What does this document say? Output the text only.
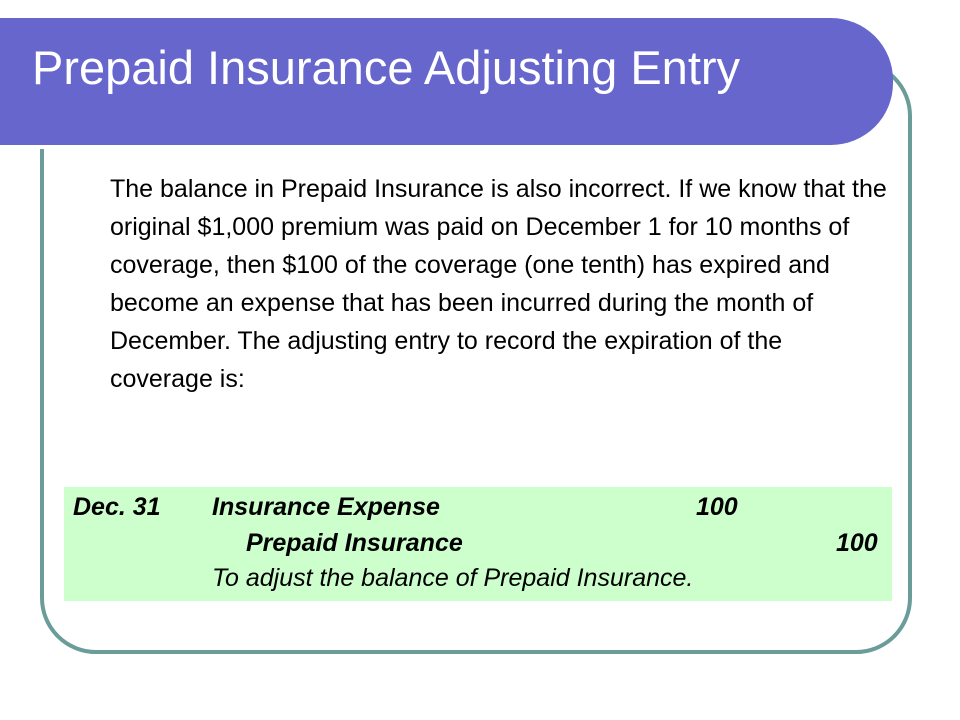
Prepaid Insurance Adjusting Entry

The balance in Prepaid Insurance is also incorrect. If we know that the original $1,000 premium was paid on December 1 for 10 months of coverage, then $100 of the coverage (one tenth) has expired and become an expense that has been incurred during the month of December. The adjusting entry to record the expiration of the coverage is:

Dec. 31 Insurance Expense	100
Prepaid Insurance	100
To adjust the balance of Prepaid Insurance.
